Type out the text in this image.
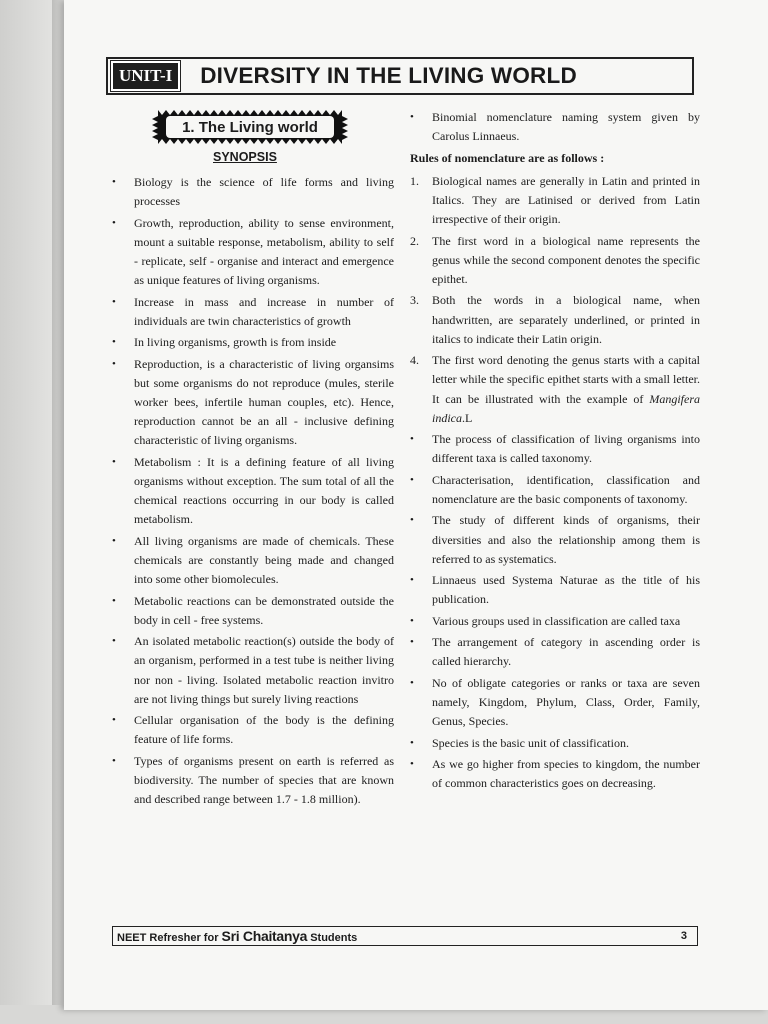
UNIT-I	DIVERSITY IN THE LIVING WORLD
1. The Living world
SYNOPSIS
•	Biology is the science of life forms and living processes
•	Growth, reproduction, ability to sense environment, mount a suitable response, metabolism, ability to self - replicate, self - organise and interact and emergence as unique features of living organisms.
•	Increase in mass and increase in number of individuals are twin characteristics of growth
•	In living organisms, growth is from inside
•	Reproduction, is a characteristic of living organsims but some organisms do not reproduce (mules, sterile worker bees, infertile human couples, etc). Hence, reproduction cannot be an all - inclusive defining characteristic of living organisms.
•	Metabolism : It is a defining feature of all living organisms without exception. The sum total of all the chemical reactions occurring in our body is called metabolism.
•	All living organisms are made of chemicals. These chemicals are constantly being made and changed into some other biomolecules.
•	Metabolic reactions can be demonstrated outside the body in cell - free systems.
•	An isolated metabolic reaction(s) outside the body of an organism, performed in a test tube is neither living nor non - living. Isolated metabolic reaction invitro are not living things but surely living reactions
•	Cellular organisation of the body is the defining feature of life forms.
•	Types of organisms present on earth is referred as biodiversity. The number of species that are known and described range between 1.7 - 1.8 million).
•	Binomial nomenclature naming system given by Carolus Linnaeus.
Rules of nomenclature are as follows :
1.	Biological names are generally in Latin and printed in Italics. They are Latinised or derived from Latin irrespective of their origin.
2.	The first word in a biological name represents the genus while the second component denotes the specific epithet.
3.	Both the words in a biological name, when handwritten, are separately underlined, or printed in italics to indicate their Latin origin.
4.	The first word denoting the genus starts with a capital letter while the specific epithet starts with a small letter. It can be illustrated with the example of Mangifera indica.L
•	The process of classification of living organisms into different taxa is called taxonomy.
•	Characterisation, identification, classification and nomenclature are the basic components of taxonomy.
•	The study of different kinds of organisms, their diversities and also the relationship among them is referred to as systematics.
•	Linnaeus used Systema Naturae as the title of his publication.
•	Various groups used in classification are called taxa
•	The arrangement of category in ascending order is called hierarchy.
•	No of obligate categories or ranks or taxa are seven namely, Kingdom, Phylum, Class, Order, Family, Genus, Species.
•	Species is the basic unit of classification.
•	As we go higher from species to kingdom, the number of common characteristics goes on decreasing.
NEET Refresher for Sri Chaitanya Students	3
